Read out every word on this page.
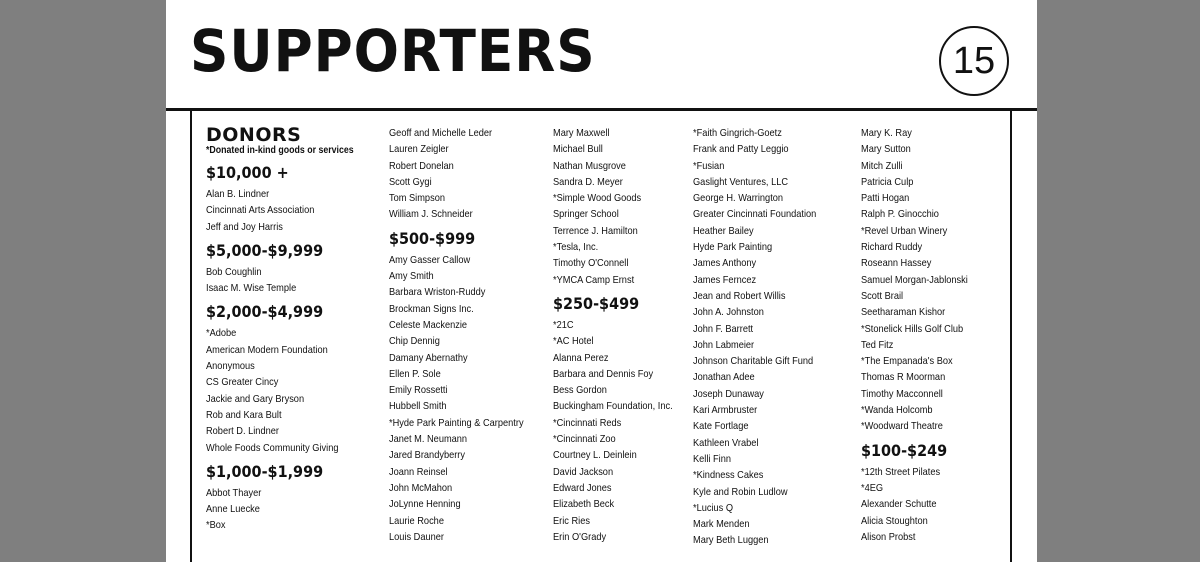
SUPPORTERS	15
DONORS
*Donated in-kind goods or services
$10,000 +
Alan B. Lindner
Cincinnati Arts Association
Jeff and Joy Harris
$5,000-$9,999
Bob Coughlin
Isaac M. Wise Temple
$2,000-$4,999
*Adobe
American Modern Foundation
Anonymous
CS Greater Cincy
Jackie and Gary Bryson
Rob and Kara Bult
Robert D. Lindner
Whole Foods Community Giving
$1,000-$1,999
Abbot Thayer
Anne Luecke
*Box
Geoff and Michelle Leder
Lauren Zeigler
Robert Donelan
Scott Gygi
Tom Simpson
William J. Schneider
$500-$999
Amy Gasser Callow
Amy Smith
Barbara Wriston-Ruddy
Brockman Signs Inc.
Celeste Mackenzie
Chip Dennig
Damany Abernathy
Ellen P. Sole
Emily Rossetti
Hubbell Smith
*Hyde Park Painting & Carpentry
Janet M. Neumann
Jared Brandyberry
Joann Reinsel
John McMahon
JoLynne Henning
Laurie Roche
Louis Dauner
Mary Maxwell
Michael Bull
Nathan Musgrove
Sandra D. Meyer
*Simple Wood Goods
Springer School
Terrence J. Hamilton
*Tesla, Inc.
Timothy O'Connell
*YMCA Camp Ernst
$250-$499
*21C
*AC Hotel
Alanna Perez
Barbara and Dennis Foy
Bess Gordon
Buckingham Foundation, Inc.
*Cincinnati Reds
*Cincinnati Zoo
Courtney L. Deinlein
David Jackson
Edward Jones
Elizabeth Beck
Eric Ries
Erin O'Grady
*Faith Gingrich-Goetz
Frank and Patty Leggio
*Fusian
Gaslight Ventures, LLC
George H. Warrington
Greater Cincinnati Foundation
Heather Bailey
Hyde Park Painting
James Anthony
James Ferncez
Jean and Robert Willis
John A. Johnston
John F. Barrett
John Labmeier
Johnson Charitable Gift Fund
Jonathan Adee
Joseph Dunaway
Kari Armbruster
Kate Fortlage
Kathleen Vrabel
Kelli Finn
*Kindness Cakes
Kyle and Robin Ludlow
*Lucius Q
Mark Menden
Mary Beth Luggen
Mary K. Ray
Mary Sutton
Mitch Zulli
Patricia Culp
Patti Hogan
Ralph P. Ginocchio
*Revel Urban Winery
Richard Ruddy
Roseann Hassey
Samuel Morgan-Jablonski
Scott Brail
Seetharaman Kishor
*Stonelick Hills Golf Club
Ted Fitz
*The Empanada's Box
Thomas R Moorman
Timothy Macconnell
*Wanda Holcomb
*Woodward Theatre
$100-$249
*12th Street Pilates
*4EG
Alexander Schutte
Alicia Stoughton
Alison Probst
